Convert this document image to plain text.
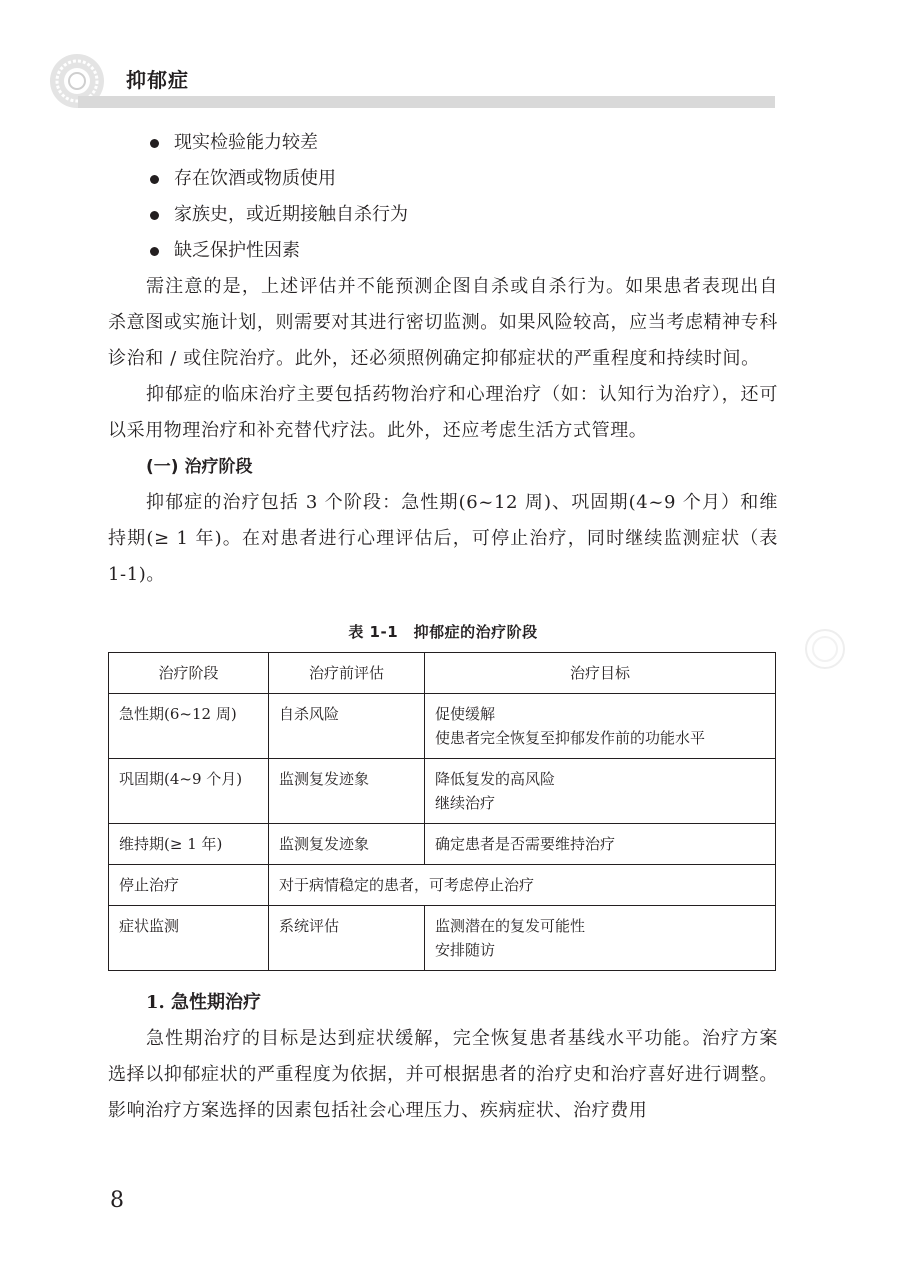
抑郁症
现实检验能力较差
存在饮酒或物质使用
家族史，或近期接触自杀行为
缺乏保护性因素

需注意的是，上述评估并不能预测企图自杀或自杀行为。如果患者表现出自杀意图或实施计划，则需要对其进行密切监测。如果风险较高，应当考虑精神专科诊治和 / 或住院治疗。此外，还必须照例确定抑郁症状的严重程度和持续时间。

抑郁症的临床治疗主要包括药物治疗和心理治疗（如：认知行为治疗），还可以采用物理治疗和补充替代疗法。此外，还应考虑生活方式管理。

(一) 治疗阶段

抑郁症的治疗包括 3 个阶段：急性期(6~12 周)、巩固期(4~9 个月）和维持期(≥ 1 年)。在对患者进行心理评估后，可停止治疗，同时继续监测症状（表 1-1)。

表 1-1　抑郁症的治疗阶段
治疗阶段	治疗前评估	治疗目标
急性期(6~12 周)	自杀风险	促使缓解
使患者完全恢复至抑郁发作前的功能水平

巩固期(4~9 个月)	监测复发迹象	降低复发的高风险
继续治疗

维持期(≥ 1 年)	监测复发迹象	确定患者是否需要维持治疗

停止治疗	对于病情稳定的患者，可考虑停止治疗	
症状监测	系统评估	监测潜在的复发可能性
安排随访
1. 急性期治疗

急性期治疗的目标是达到症状缓解，完全恢复患者基线水平功能。治疗方案选择以抑郁症状的严重程度为依据，并可根据患者的治疗史和治疗喜好进行调整。影响治疗方案选择的因素包括社会心理压力、疾病症状、治疗费用

8
